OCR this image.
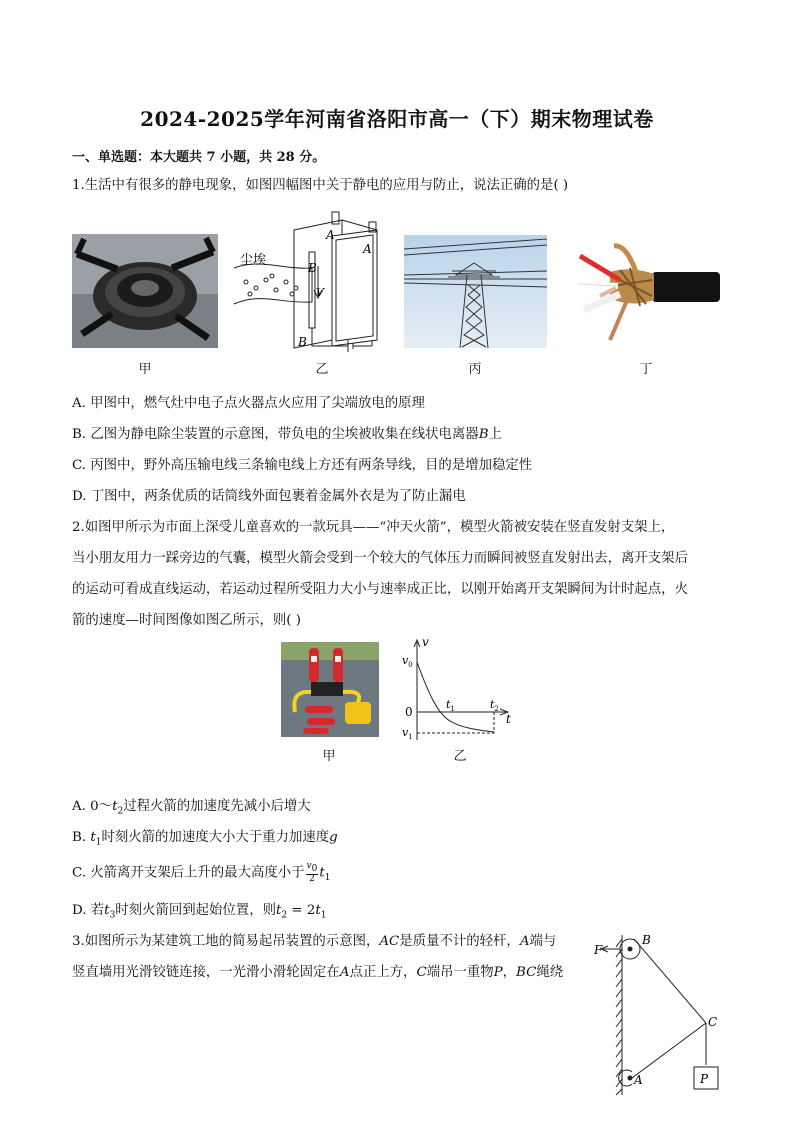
2024-2025学年河南省洛阳市高一（下）期末物理试卷
一、单选题：本大题共 7 小题，共 28 分。
1.生活中有很多的静电现象，如图四幅图中关于静电的应用与防止，说法正确的是( )
甲
尘埃
A
A
B
B
V
乙	丙	丁
A. 甲图中，燃气灶中电子点火器点火应用了尖端放电的原理
B. 乙图为静电除尘装置的示意图，带负电的尘埃被收集在线状电离器B上
C. 丙图中，野外高压输电线三条输电线上方还有两条导线，目的是增加稳定性
D. 丁图中，两条优质的话筒线外面包裹着金属外衣是为了防止漏电
2.如图甲所示为市面上深受儿童喜欢的一款玩具——“冲天火箭”，模型火箭被安装在竖直发射支架上，
当小朋友用力一踩旁边的气囊，模型火箭会受到一个较大的气体压力而瞬间被竖直发射出去，离开支架后
的运动可看成直线运动，若运动过程所受阻力大小与速率成正比，以刚开始离开支架瞬间为计时起点，火
箭的速度—时间图像如图乙所示，则( )
甲
v
$v_0$
0
$t_1$	$t_2$
t
$v_1$
乙
A. $0\sim t_2$过程火箭的加速度先减小后增大
B. $t_1$时刻火箭的加速度大小大于重力加速度g
C. 火箭离开支架后上升的最大高度小于 $\frac{v_0}{2} t_1$
D. 若$t_3$时刻火箭回到起始位置，则$t_2 = 2t_1$
3.如图所示为某建筑工地的简易起吊装置的示意图，AC是质量不计的轻杆，A端与
竖直墙用光滑铰链连接，一光滑小滑轮固定在A点正上方，C端吊一重物P，BC绳绕
F
B
C
A	P
